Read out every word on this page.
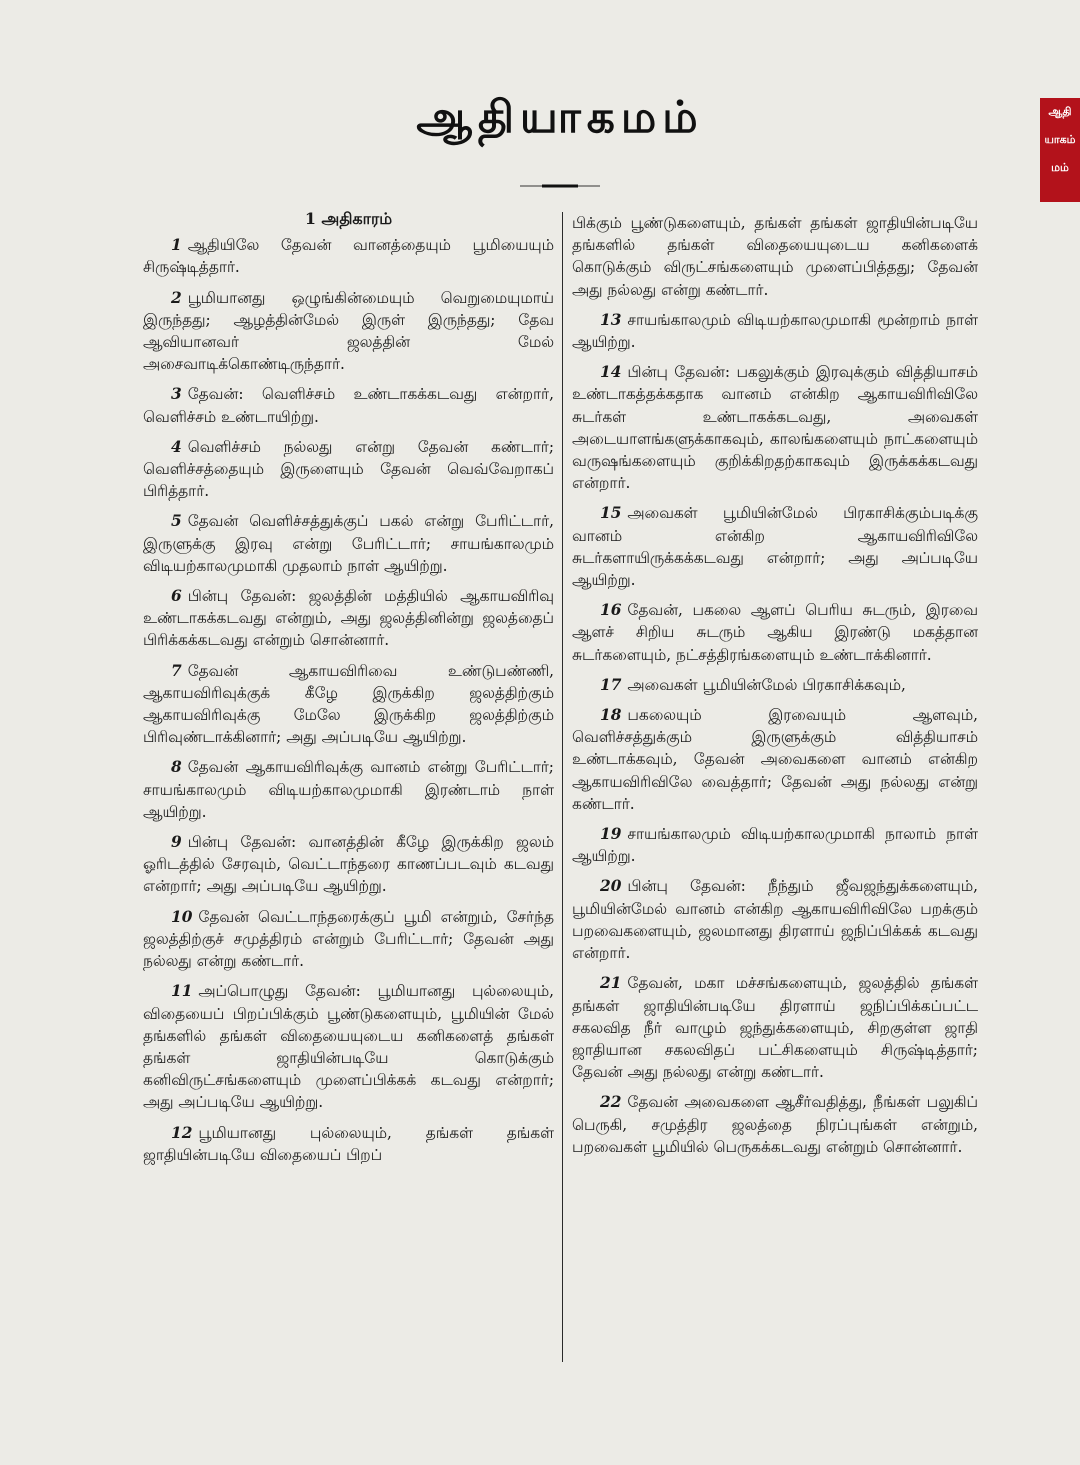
ஆதியாகமம்	ஆதி
யாகம்
மம்
1 அதிகாரம்

1 ஆதியிலே தேவன் வானத்தையும் பூமியையும் சிருஷ்டித்தார்.

2 பூமியானது ஒழுங்கின்மையும் வெறுமையுமாய் இருந்தது; ஆழத்தின்மேல் இருள் இருந்தது; தேவ ஆவியானவர் ஜலத்தின் மேல் அசைவாடிக்கொண்டிருந்தார்.

3 தேவன்: வெளிச்சம் உண்டாகக்கடவது என்றார், வெளிச்சம் உண்டாயிற்று.

4 வெளிச்சம் நல்லது என்று தேவன் கண்டார்; வெளிச்சத்தையும் இருளையும் தேவன் வெவ்வேறாகப் பிரித்தார்.

5 தேவன் வெளிச்சத்துக்குப் பகல் என்று பேரிட்டார், இருளுக்கு இரவு என்று பேரிட்டார்; சாயங்காலமும் விடியற்காலமுமாகி முதலாம் நாள் ஆயிற்று.

6 பின்பு தேவன்: ஜலத்தின் மத்தியில் ஆகாயவிரிவு உண்டாகக்கடவது என்றும், அது ஜலத்தினின்று ஜலத்தைப் பிரிக்கக்கடவது என்றும் சொன்னார்.

7 தேவன் ஆகாயவிரிவை உண்டுபண்ணி, ஆகாயவிரிவுக்குக் கீழே இருக்கிற ஜலத்திற்கும் ஆகாயவிரிவுக்கு மேலே இருக்கிற ஜலத்திற்கும் பிரிவுண்டாக்கினார்; அது அப்படியே ஆயிற்று.

8 தேவன் ஆகாயவிரிவுக்கு வானம் என்று பேரிட்டார்; சாயங்காலமும் விடியற்காலமுமாகி இரண்டாம் நாள் ஆயிற்று.

9 பின்பு தேவன்: வானத்தின் கீழே இருக்கிற ஜலம் ஓரிடத்தில் சேரவும், வெட்டாந்தரை காணப்படவும் கடவது என்றார்; அது அப்படியே ஆயிற்று.

10 தேவன் வெட்டாந்தரைக்குப் பூமி என்றும், சேர்ந்த ஜலத்திற்குச் சமுத்திரம் என்றும் பேரிட்டார்; தேவன் அது நல்லது என்று கண்டார்.

11 அப்பொழுது தேவன்: பூமியானது புல்லையும், விதையைப் பிறப்பிக்கும் பூண்டுகளையும், பூமியின் மேல் தங்களில் தங்கள் விதையையுடைய கனிகளைத் தங்கள் தங்கள் ஜாதியின்படியே கொடுக்கும் கனிவிருட்சங்களையும் முளைப்பிக்கக் கடவது என்றார்; அது அப்படியே ஆயிற்று.

12 பூமியானது புல்லையும், தங்கள் தங்கள் ஜாதியின்படியே விதையைப் பிறப்

பிக்கும் பூண்டுகளையும், தங்கள் தங்கள் ஜாதியின்படியே தங்களில் தங்கள் விதையையுடைய கனிகளைக் கொடுக்கும் விருட்சங்களையும் முளைப்பித்தது; தேவன் அது நல்லது என்று கண்டார்.

13 சாயங்காலமும் விடியற்காலமுமாகி மூன்றாம் நாள் ஆயிற்று.

14 பின்பு தேவன்: பகலுக்கும் இரவுக்கும் வித்தியாசம் உண்டாகத்தக்கதாக வானம் என்கிற ஆகாயவிரிவிலே சுடர்கள் உண்டாகக்கடவது, அவைகள் அடையாளங்களுக்காகவும், காலங்களையும் நாட்களையும் வருஷங்களையும் குறிக்கிறதற்காகவும் இருக்கக்கடவது என்றார்.

15 அவைகள் பூமியின்மேல் பிரகாசிக்கும்படிக்கு வானம் என்கிற ஆகாயவிரிவிலே சுடர்களாயிருக்கக்கடவது என்றார்; அது அப்படியே ஆயிற்று.

16 தேவன், பகலை ஆளப் பெரிய சுடரும், இரவை ஆளச் சிறிய சுடரும் ஆகிய இரண்டு மகத்தான சுடர்களையும், நட்சத்திரங்களையும் உண்டாக்கினார்.

17 அவைகள் பூமியின்மேல் பிரகாசிக்கவும்,

18 பகலையும் இரவையும் ஆளவும், வெளிச்சத்துக்கும் இருளுக்கும் வித்தியாசம் உண்டாக்கவும், தேவன் அவைகளை வானம் என்கிற ஆகாயவிரிவிலே வைத்தார்; தேவன் அது நல்லது என்று கண்டார்.

19 சாயங்காலமும் விடியற்காலமுமாகி நாலாம் நாள் ஆயிற்று.

20 பின்பு தேவன்: நீந்தும் ஜீவஜந்துக்களையும், பூமியின்மேல் வானம் என்கிற ஆகாயவிரிவிலே பறக்கும் பறவைகளையும், ஜலமானது திரளாய் ஜநிப்பிக்கக் கடவது என்றார்.

21 தேவன், மகா மச்சங்களையும், ஜலத்தில் தங்கள் தங்கள் ஜாதியின்படியே திரளாய் ஜநிப்பிக்கப்பட்ட சகலவித நீர் வாழும் ஜந்துக்களையும், சிறகுள்ள ஜாதி ஜாதியான சகலவிதப் பட்சிகளையும் சிருஷ்டித்தார்; தேவன் அது நல்லது என்று கண்டார்.

22 தேவன் அவைகளை ஆசீர்வதித்து, நீங்கள் பலுகிப் பெருகி, சமுத்திர ஜலத்தை நிரப்புங்கள் என்றும், பறவைகள் பூமியில் பெருகக்கடவது என்றும் சொன்னார்.
